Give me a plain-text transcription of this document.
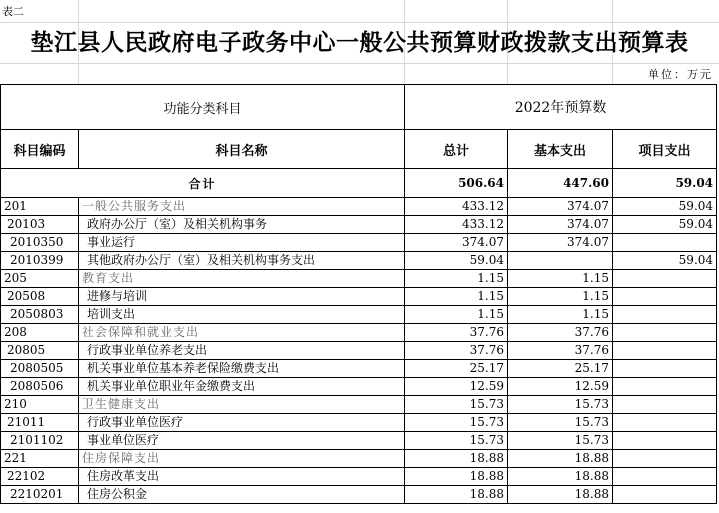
表二
垫江县人民政府电子政务中心一般公共预算财政拨款支出预算表
单位：万元
功能分类科目		2022年预算数		
科目编码	科目名称	总计	基本支出	项目支出
合计		506.64	447.60	59.04
201	一般公共服务支出	433.12	374.07	59.04
20103	政府办公厅（室）及相关机构事务	433.12	374.07	59.04
2010350	事业运行	374.07	374.07	
2010399	其他政府办公厅（室）及相关机构事务支出	59.04		59.04
205	教育支出	1.15	1.15	
20508	进修与培训	1.15	1.15	
2050803	培训支出	1.15	1.15	
208	社会保障和就业支出	37.76	37.76	
20805	行政事业单位养老支出	37.76	37.76	
2080505	机关事业单位基本养老保险缴费支出	25.17	25.17	
2080506	机关事业单位职业年金缴费支出	12.59	12.59	
210	卫生健康支出	15.73	15.73	
21011	行政事业单位医疗	15.73	15.73	
2101102	事业单位医疗	15.73	15.73	
221	住房保障支出	18.88	18.88	
22102	住房改革支出	18.88	18.88	
2210201	住房公积金	18.88	18.88	
